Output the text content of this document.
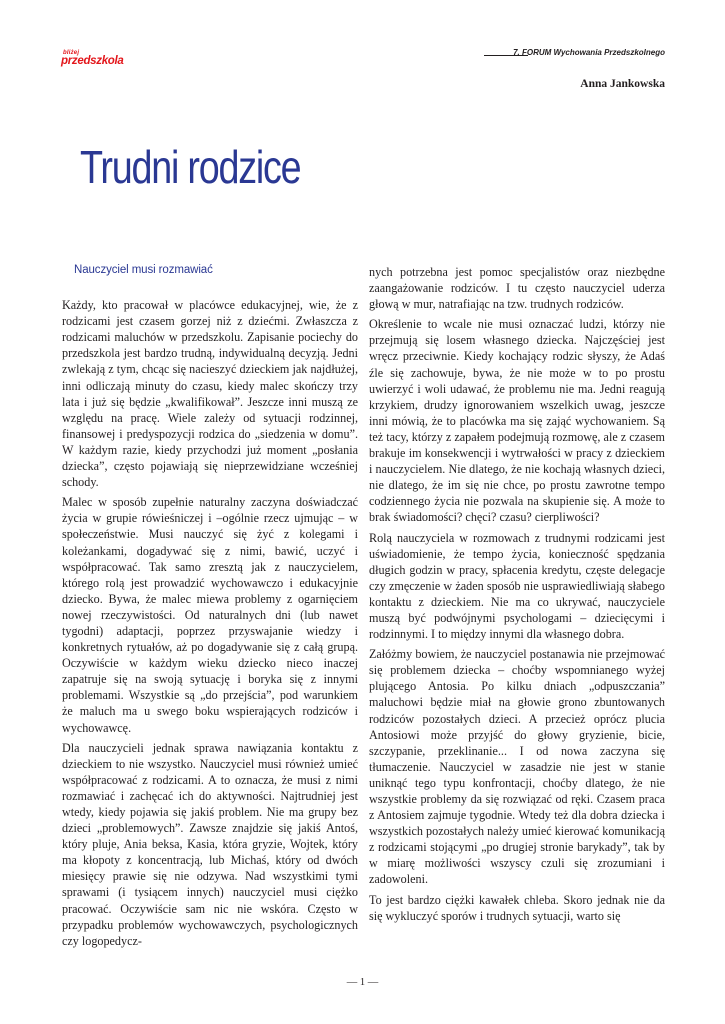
bliżej
przedszkola
7. FORUM Wychowania Przedszkolnego
Anna Jankowska
Trudni rodzice
Nauczyciel musi rozmawiać

Każdy, kto pracował w placówce edukacyjnej, wie, że z rodzicami jest czasem gorzej niż z dziećmi. Zwłaszcza z rodzicami maluchów w przedszkolu. Zapisanie pociechy do przedszkola jest bardzo trudną, indywidualną decyzją. Jedni zwlekają z tym, chcąc się nacieszyć dzieckiem jak najdłużej, inni odliczają minuty do czasu, kiedy malec skończy trzy lata i już się będzie „kwalifikował”. Jeszcze inni muszą ze względu na pracę. Wiele zależy od sytuacji rodzinnej, finansowej i predyspozycji rodzica do „siedzenia w domu”. W każdym razie, kiedy przychodzi już moment „posłania dziecka”, często pojawiają się nieprzewidziane wcześniej schody.

Malec w sposób zupełnie naturalny zaczyna doświadczać życia w grupie rówieśniczej i –ogólnie rzecz ujmując – w społeczeństwie. Musi nauczyć się żyć z kolegami i koleżankami, dogadywać się z nimi, bawić, uczyć i współpracować. Tak samo zresztą jak z nauczycielem, którego rolą jest prowadzić wychowawczo i edukacyjnie dziecko. Bywa, że malec miewa problemy z ogarnięciem nowej rzeczywistości. Od naturalnych dni (lub nawet tygodni) adaptacji, poprzez przyswajanie wiedzy i konkretnych rytuałów, aż po dogadywanie się z całą grupą. Oczywiście w każdym wieku dziecko nieco inaczej zapatruje się na swoją sytuację i boryka się z innymi problemami. Wszystkie są „do przejścia”, pod warunkiem że maluch ma u swego boku wspierających rodziców i wychowawcę.

Dla nauczycieli jednak sprawa nawiązania kontaktu z dzieckiem to nie wszystko. Nauczyciel musi również umieć współpracować z rodzicami. A to oznacza, że musi z nimi rozmawiać i zachęcać ich do aktywności. Najtrudniej jest wtedy, kiedy pojawia się jakiś problem. Nie ma grupy bez dzieci „problemowych”. Zawsze znajdzie się jakiś Antoś, który pluje, Ania beksa, Kasia, która gryzie, Wojtek, który ma kłopoty z koncentracją, lub Michaś, który od dwóch miesięcy prawie się nie odzywa. Nad wszystkimi tymi sprawami (i tysiącem innych) nauczyciel musi ciężko pracować. Oczywiście sam nic nie wskóra. Często w przypadku problemów wychowawczych, psychologicznych czy logopedycz-

nych potrzebna jest pomoc specjalistów oraz niezbędne zaangażowanie rodziców. I tu często nauczyciel uderza głową w mur, natrafiając na tzw. trudnych rodziców.

Określenie to wcale nie musi oznaczać ludzi, którzy nie przejmują się losem własnego dziecka. Najczęściej jest wręcz przeciwnie. Kiedy kochający rodzic słyszy, że Adaś źle się zachowuje, bywa, że nie może w to po prostu uwierzyć i woli udawać, że problemu nie ma. Jedni reagują krzykiem, drudzy ignorowaniem wszelkich uwag, jeszcze inni mówią, że to placówka ma się zająć wychowaniem. Są też tacy, którzy z zapałem podejmują rozmowę, ale z czasem brakuje im konsekwencji i wytrwałości w pracy z dzieckiem i nauczycielem. Nie dlatego, że nie kochają własnych dzieci, nie dlatego, że im się nie chce, po prostu zawrotne tempo codziennego życia nie pozwala na skupienie się. A może to brak świadomości? chęci? czasu? cierpliwości?

Rolą nauczyciela w rozmowach z trudnymi rodzicami jest uświadomienie, że tempo życia, konieczność spędzania długich godzin w pracy, spłacenia kredytu, częste delegacje czy zmęczenie w żaden sposób nie usprawiedliwiają słabego kontaktu z dzieckiem. Nie ma co ukrywać, nauczyciele muszą być podwójnymi psychologami – dziecięcymi i rodzinnymi. I to między innymi dla własnego dobra.

Załóżmy bowiem, że nauczyciel postanawia nie przejmować się problemem dziecka – choćby wspomnianego wyżej plującego Antosia. Po kilku dniach „odpuszczania” maluchowi będzie miał na głowie grono zbuntowanych rodziców pozostałych dzieci. A przecież oprócz plucia Antosiowi może przyjść do głowy gryzienie, bicie, szczypanie, przeklinanie... I od nowa zaczyna się tłumaczenie. Nauczyciel w zasadzie nie jest w stanie uniknąć tego typu konfrontacji, choćby dlatego, że nie wszystkie problemy da się rozwiązać od ręki. Czasem praca z Antosiem zajmuje tygodnie. Wtedy też dla dobra dziecka i wszystkich pozostałych należy umieć kierować komunikacją z rodzicami stojącymi „po drugiej stronie barykady”, tak by w miarę możliwości wszyscy czuli się zrozumiani i zadowoleni.

To jest bardzo ciężki kawałek chleba. Skoro jednak nie da się wykluczyć sporów i trudnych sytuacji, warto się

— 1 —
